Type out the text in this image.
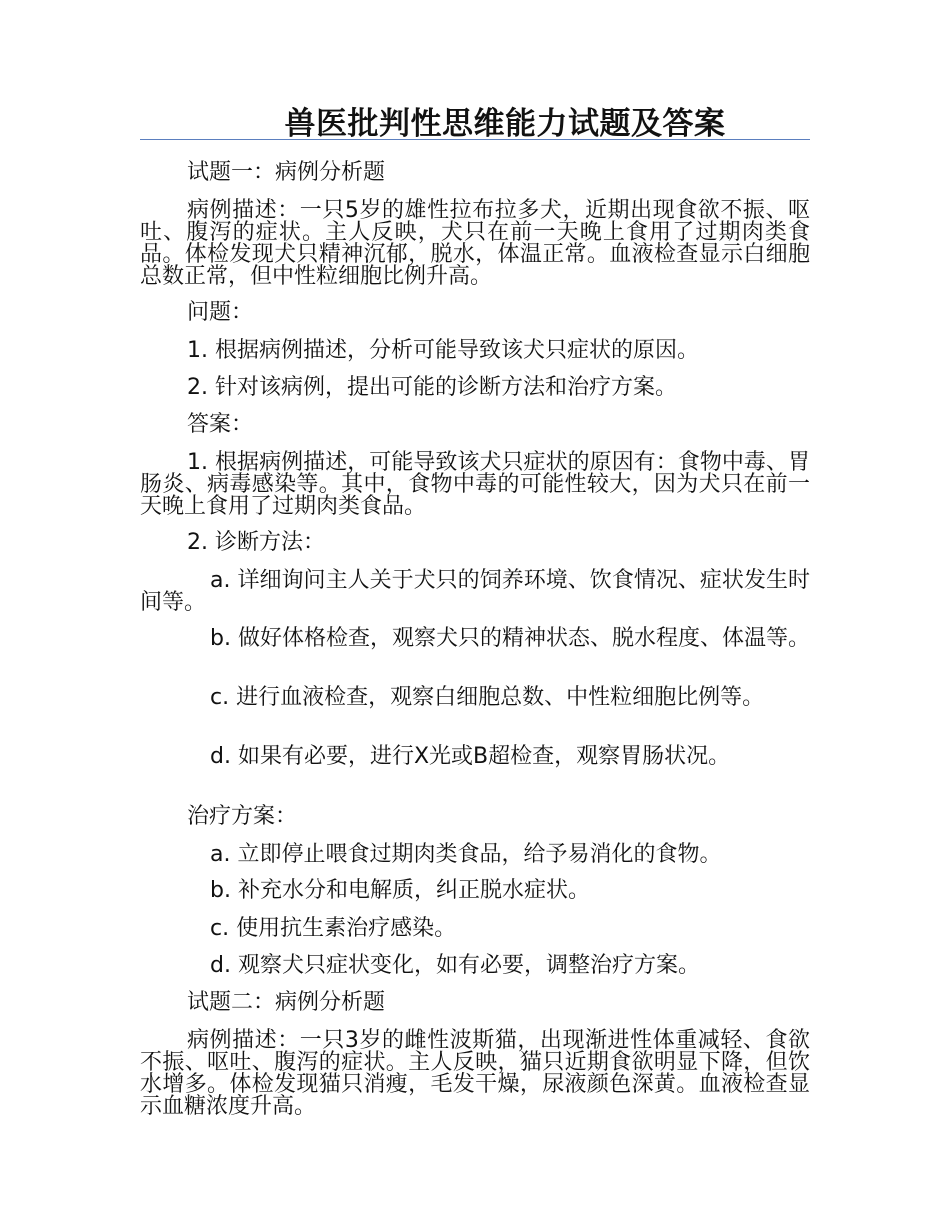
兽医批判性思维能力试题及答案

试题一：病例分析题

病例描述：一只5岁的雄性拉布拉多犬，近期出现食欲不振、呕吐、腹泻的症状。主人反映，犬只在前一天晚上食用了过期肉类食品。体检发现犬只精神沉郁，脱水，体温正常。血液检查显示白细胞总数正常，但中性粒细胞比例升高。

问题：

1. 根据病例描述，分析可能导致该犬只症状的原因。

2. 针对该病例，提出可能的诊断方法和治疗方案。

答案：

1. 根据病例描述，可能导致该犬只症状的原因有：食物中毒、胃肠炎、病毒感染等。其中，食物中毒的可能性较大，因为犬只在前一天晚上食用了过期肉类食品。

2. 诊断方法：

a. 详细询问主人关于犬只的饲养环境、饮食情况、症状发生时间等。

b. 做好体格检查，观察犬只的精神状态、脱水程度、体温等。

c. 进行血液检查，观察白细胞总数、中性粒细胞比例等。

d. 如果有必要，进行X光或B超检查，观察胃肠状况。

治疗方案：

a. 立即停止喂食过期肉类食品，给予易消化的食物。

b. 补充水分和电解质，纠正脱水症状。

c. 使用抗生素治疗感染。

d. 观察犬只症状变化，如有必要，调整治疗方案。

试题二：病例分析题

病例描述：一只3岁的雌性波斯猫，出现渐进性体重减轻、食欲不振、呕吐、腹泻的症状。主人反映，猫只近期食欲明显下降，但饮水增多。体检发现猫只消瘦，毛发干燥，尿液颜色深黄。血液检查显示血糖浓度升高。
